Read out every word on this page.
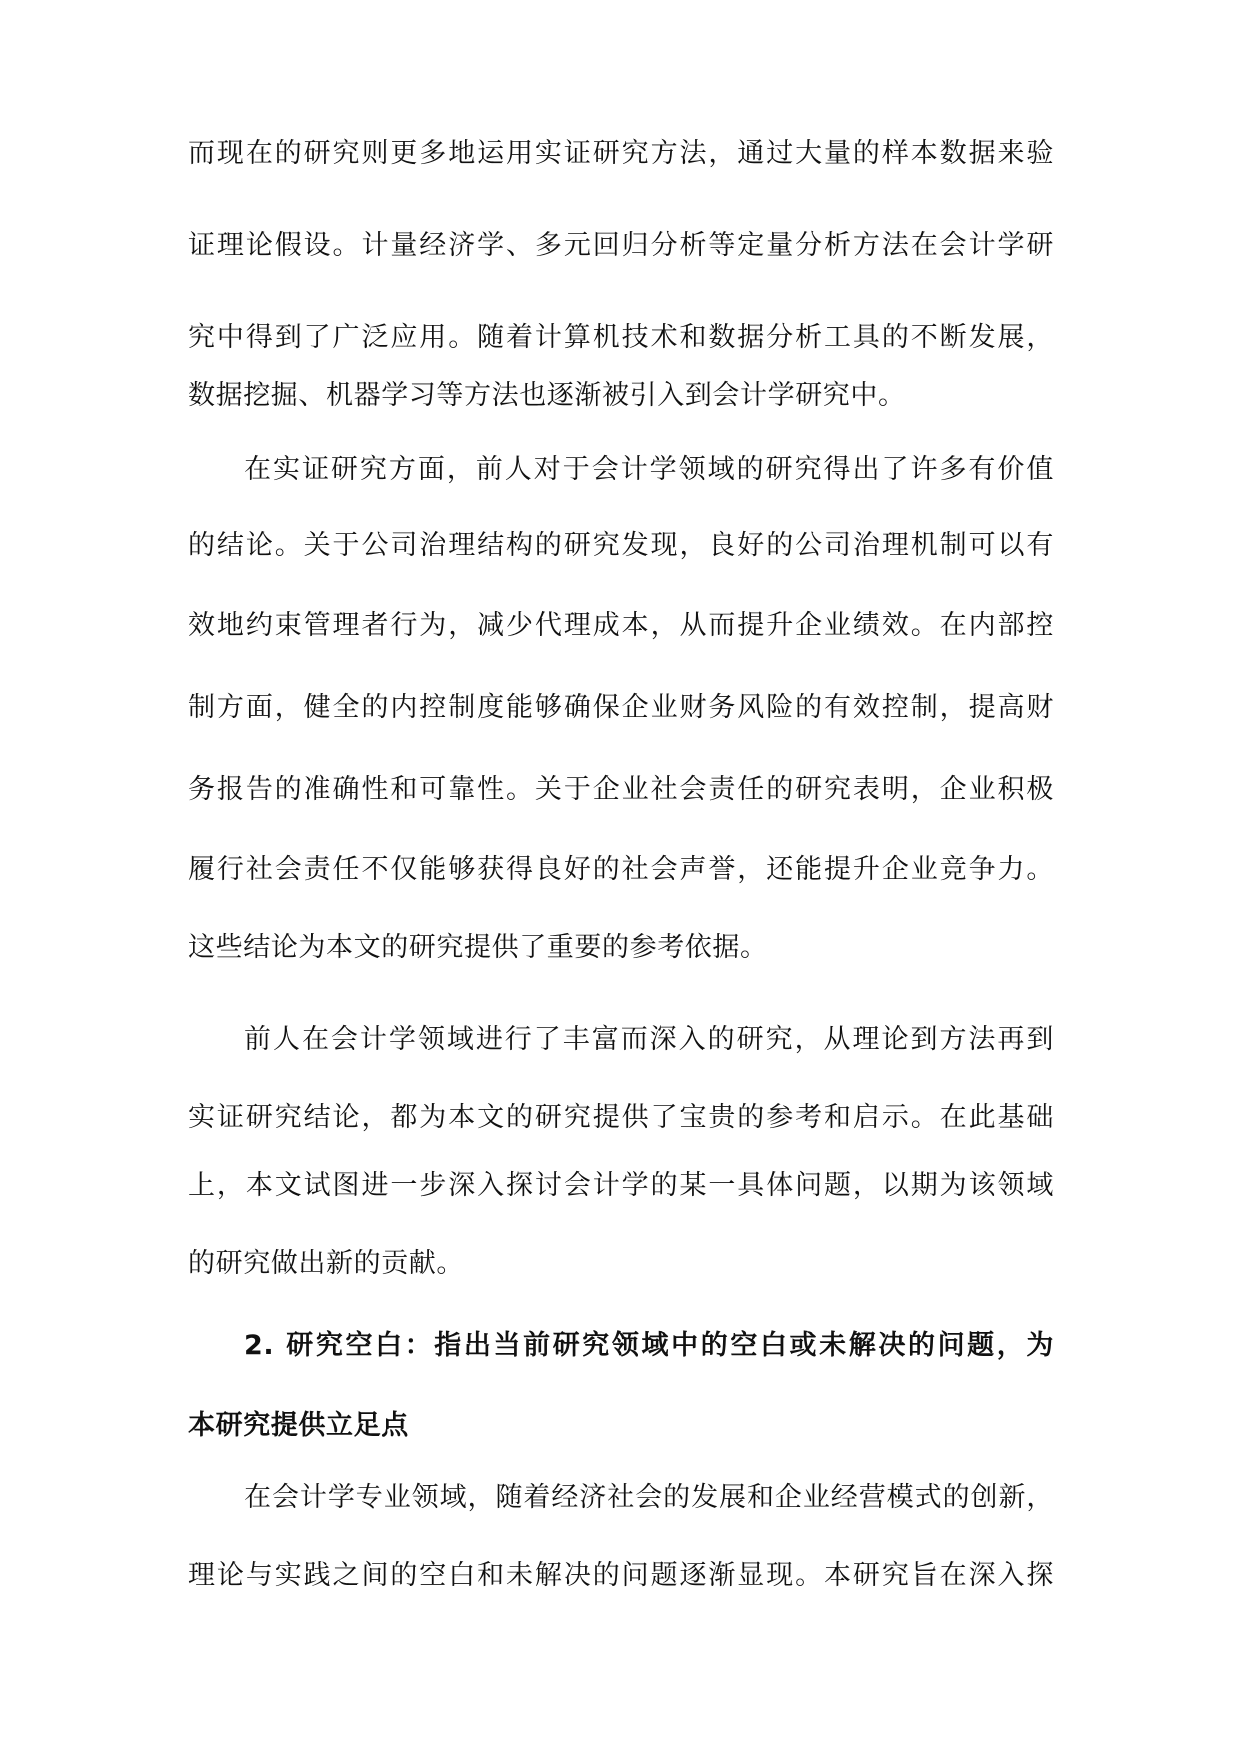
而现在的研究则更多地运用实证研究方法，通过大量的样本数据来验
证理论假设。计量经济学、多元回归分析等定量分析方法在会计学研
究中得到了广泛应用。随着计算机技术和数据分析工具的不断发展，
数据挖掘、机器学习等方法也逐渐被引入到会计学研究中。
在实证研究方面，前人对于会计学领域的研究得出了许多有价值
的结论。关于公司治理结构的研究发现，良好的公司治理机制可以有
效地约束管理者行为，减少代理成本，从而提升企业绩效。在内部控
制方面，健全的内控制度能够确保企业财务风险的有效控制，提高财
务报告的准确性和可靠性。关于企业社会责任的研究表明，企业积极
履行社会责任不仅能够获得良好的社会声誉，还能提升企业竞争力。
这些结论为本文的研究提供了重要的参考依据。
前人在会计学领域进行了丰富而深入的研究，从理论到方法再到
实证研究结论，都为本文的研究提供了宝贵的参考和启示。在此基础
上，本文试图进一步深入探讨会计学的某一具体问题，以期为该领域
的研究做出新的贡献。
2. 研究空白：指出当前研究领域中的空白或未解决的问题，为
本研究提供立足点
在会计学专业领域，随着经济社会的发展和企业经营模式的创新，
理论与实践之间的空白和未解决的问题逐渐显现。本研究旨在深入探
